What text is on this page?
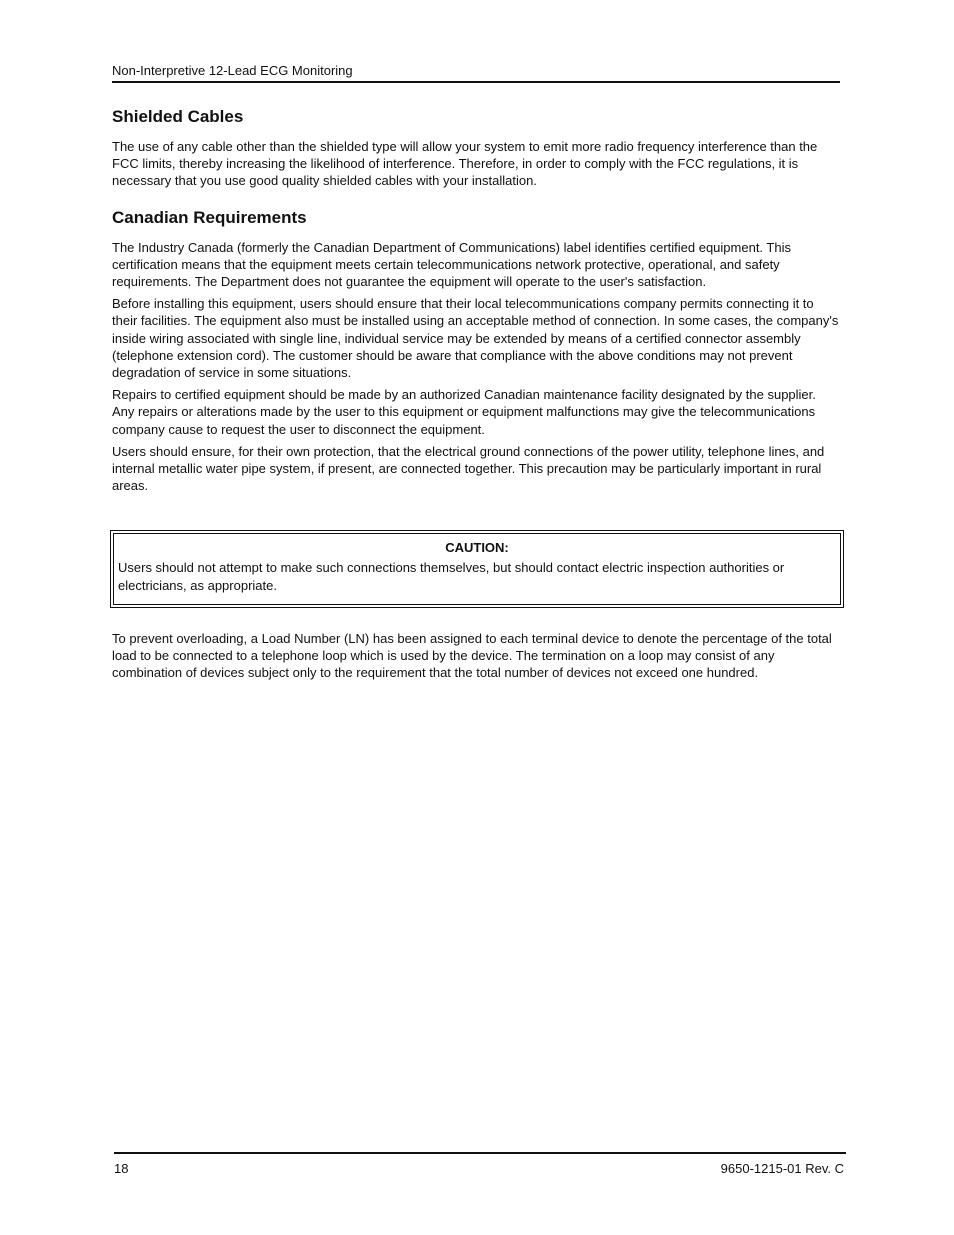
Non-Interpretive 12-Lead ECG Monitoring
Shielded Cables

The use of any cable other than the shielded type will allow your system to emit more radio frequency interference than the FCC limits, thereby increasing the likelihood of interference. Therefore, in order to comply with the FCC regulations, it is necessary that you use good quality shielded cables with your installation.

Canadian Requirements

The Industry Canada (formerly the Canadian Department of Communications) label identifies certified equipment. This certification means that the equipment meets certain telecommunications network protective, operational, and safety requirements. The Department does not guarantee the equipment will operate to the user's satisfaction.

Before installing this equipment, users should ensure that their local telecommunications company permits connecting it to their facilities. The equipment also must be installed using an acceptable method of connection. In some cases, the company's inside wiring associated with single line, individual service may be extended by means of a certified connector assembly (telephone extension cord). The customer should be aware that compliance with the above conditions may not prevent degradation of service in some situations.

Repairs to certified equipment should be made by an authorized Canadian maintenance facility designated by the supplier. Any repairs or alterations made by the user to this equipment or equipment malfunctions may give the telecommunications company cause to request the user to disconnect the equipment.

Users should ensure, for their own protection, that the electrical ground connections of the power utility, telephone lines, and internal metallic water pipe system, if present, are connected together. This precaution may be particularly important in rural areas.

CAUTION:

Users should not attempt to make such connections themselves, but should contact electric inspection authorities or electricians, as appropriate.

To prevent overloading, a Load Number (LN) has been assigned to each terminal device to denote the percentage of the total load to be connected to a telephone loop which is used by the device. The termination on a loop may consist of any combination of devices subject only to the requirement that the total number of devices not exceed one hundred.

18	9650-1215-01 Rev. C
